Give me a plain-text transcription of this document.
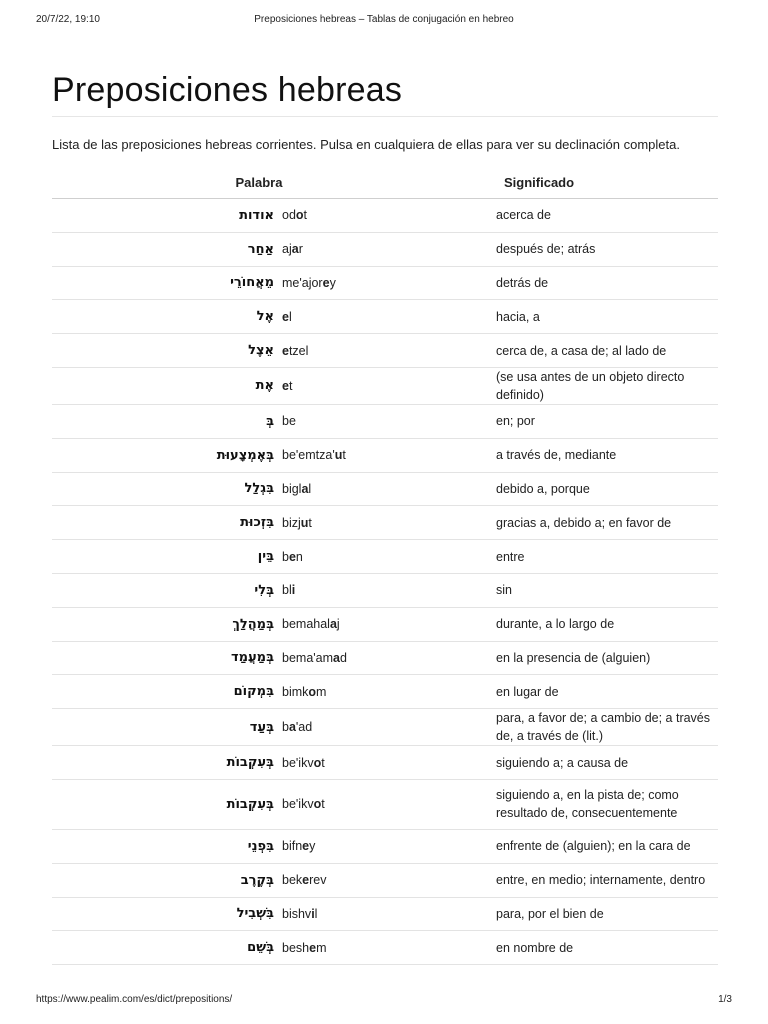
20/7/22, 19:10	Preposiciones hebreas – Tablas de conjugación en hebreo
Preposiciones hebreas

Lista de las preposiciones hebreas corrientes. Pulsa en cualquiera de ellas para ver su declinación completa.

Palabra		Significado
אודות	odot	acerca de
אַחַר	ajar	después de; atrás
מֵאֲחוֹרֵי	me'ajorey	detrás de
אֶל	el	hacia, a
אֵצֶל	etzel	cerca de, a casa de; al lado de
אֶת	et	(se usa antes de un objeto directo definido)
בְּ	be	en; por
בְּאֶמְצָעוּת	be'emtza'ut	a través de, mediante
בִּגְלַל	biglal	debido a, porque
בִּזְכוּת	bizjut	gracias a, debido a; en favor de
בֵּין	ben	entre
בְּלִי	bli	sin
בְּמַהֲלַךְ	bemahalaj	durante, a lo largo de
בְּמַעֲמַד	bema'amad	en la presencia de (alguien)
בִּמְקוֹם	bimkom	en lugar de
בְּעַד	ba'ad	para, a favor de; a cambio de; a través de, a través de (lit.)
בְּעִקְבוֹת	be'ikvot	siguiendo a; a causa de
בְּעִקְבוֹת	be'ikvot	siguiendo a, en la pista de; como resultado de, consecuentemente
בִּפְנֵי	bifney	enfrente de (alguien); en la cara de
בְּקֶרֶב	bekerev	entre, en medio; internamente, dentro
בִּשְׁבִיל	bishvil	para, por el bien de
בְּשֵׁם	beshem	en nombre de
https://www.pealim.com/es/dict/prepositions/	1/3
